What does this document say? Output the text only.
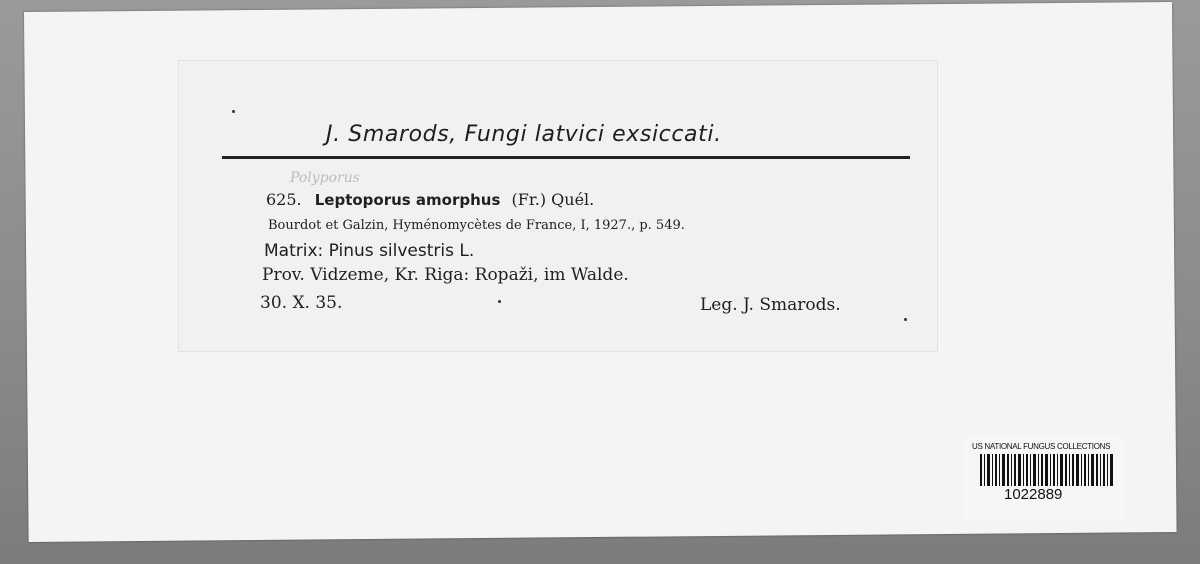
J. Smarods, Fungi latvici exsiccati.
Polyporus
625. Leptoporus amorphus (Fr.) Quél.
Bourdot et Galzin, Hyménomycètes de France, I, 1927., p. 549.
Matrix: Pinus silvestris L.
Prov. Vidzeme, Kr. Riga: Ropaži, im Walde.
30. X. 35.	Leg. J. Smarods.
US NATIONAL FUNGUS COLLECTIONS
1022889
